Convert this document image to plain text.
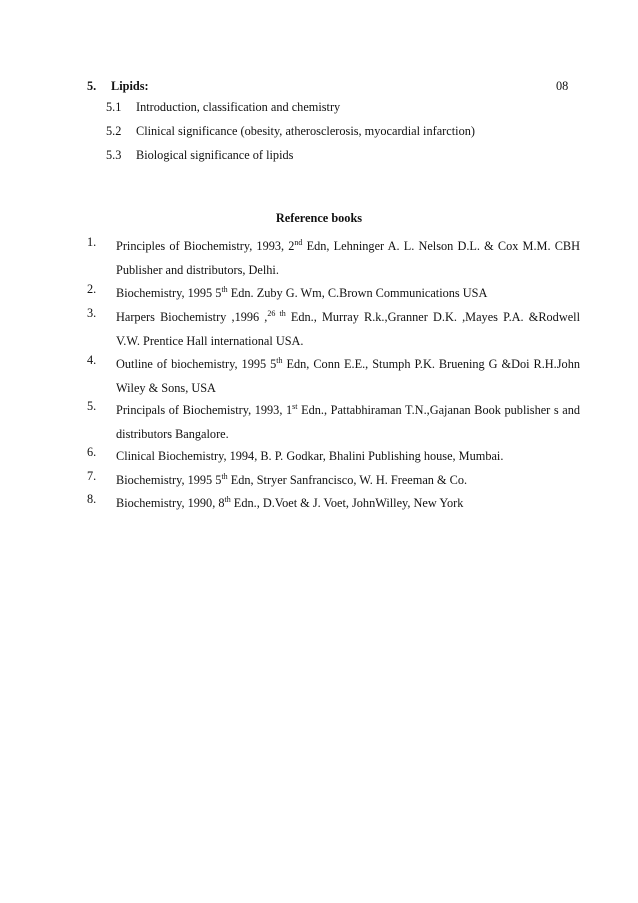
5. Lipids:	08
5.1 Introduction, classification and chemistry
5.2 Clinical significance (obesity, atherosclerosis, myocardial infarction)
5.3 Biological significance of lipids
Reference books
1. Principles of Biochemistry, 1993, 2nd Edn, Lehninger A. L. Nelson D.L. & Cox M.M. CBH Publisher and distributors, Delhi.
2. Biochemistry, 1995 5th Edn. Zuby G. Wm, C.Brown Communications USA
3. Harpers Biochemistry ,1996 ,$^{26 th}$ Edn., Murray R.k.,Granner D.K. ,Mayes P.A. &Rodwell V.W. Prentice Hall international USA.
4. Outline of biochemistry, 1995 5th Edn, Conn E.E., Stumph P.K. Bruening G &Doi R.H.John Wiley & Sons, USA
5. Principals of Biochemistry, 1993, 1st Edn., Pattabhiraman T.N.,Gajanan Book publisher s and distributors Bangalore.
6. Clinical Biochemistry, 1994, B. P. Godkar, Bhalini Publishing house, Mumbai.
7. Biochemistry, 1995 5th Edn, Stryer Sanfrancisco, W. H. Freeman & Co.
8. Biochemistry, 1990, 8th Edn., D.Voet & J. Voet, JohnWilley, New York
